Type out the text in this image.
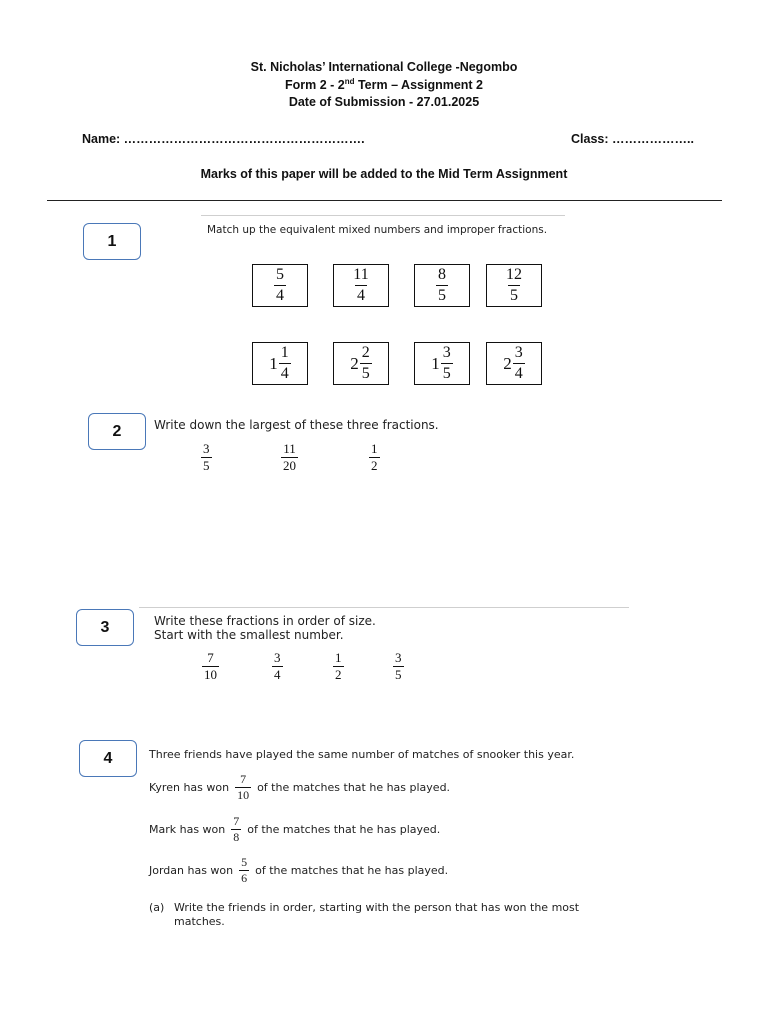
St. Nicholas’ International College -Negombo
Form 2 - 2nd Term – Assignment 2
Date of Submission - 27.01.2025
Name: ………………………………………………….	Class: ………………..
Marks of this paper will be added to the Mid Term Assignment
1
Match up the equivalent mixed numbers and improper fractions.
$\frac{5}{4}$	$\frac{11}{4}$	$\frac{8}{5}$	$\frac{12}{5}$
$1 \frac{1}{4}$	$2 \frac{2}{5}$	$1 \frac{3}{5}$	$2 \frac{3}{4}$
2	Write down the largest of these three fractions.
$\frac{3}{5}$	$\frac{11}{20}$	$\frac{1}{2}$
3	Write these fractions in order of size.
Start with the smallest number.
$\frac{7}{10}$	$\frac{3}{4}$	$\frac{1}{2}$	$\frac{3}{5}$
4	Three friends have played the same number of matches of snooker this year.
Kyren has won $\frac{7}{10}$ of the matches that he has played.
Mark has won $\frac{7}{8}$ of the matches that he has played.
Jordan has won $\frac{5}{6}$ of the matches that he has played.
(a) Write the friends in order, starting with the person that has won the most
matches.
